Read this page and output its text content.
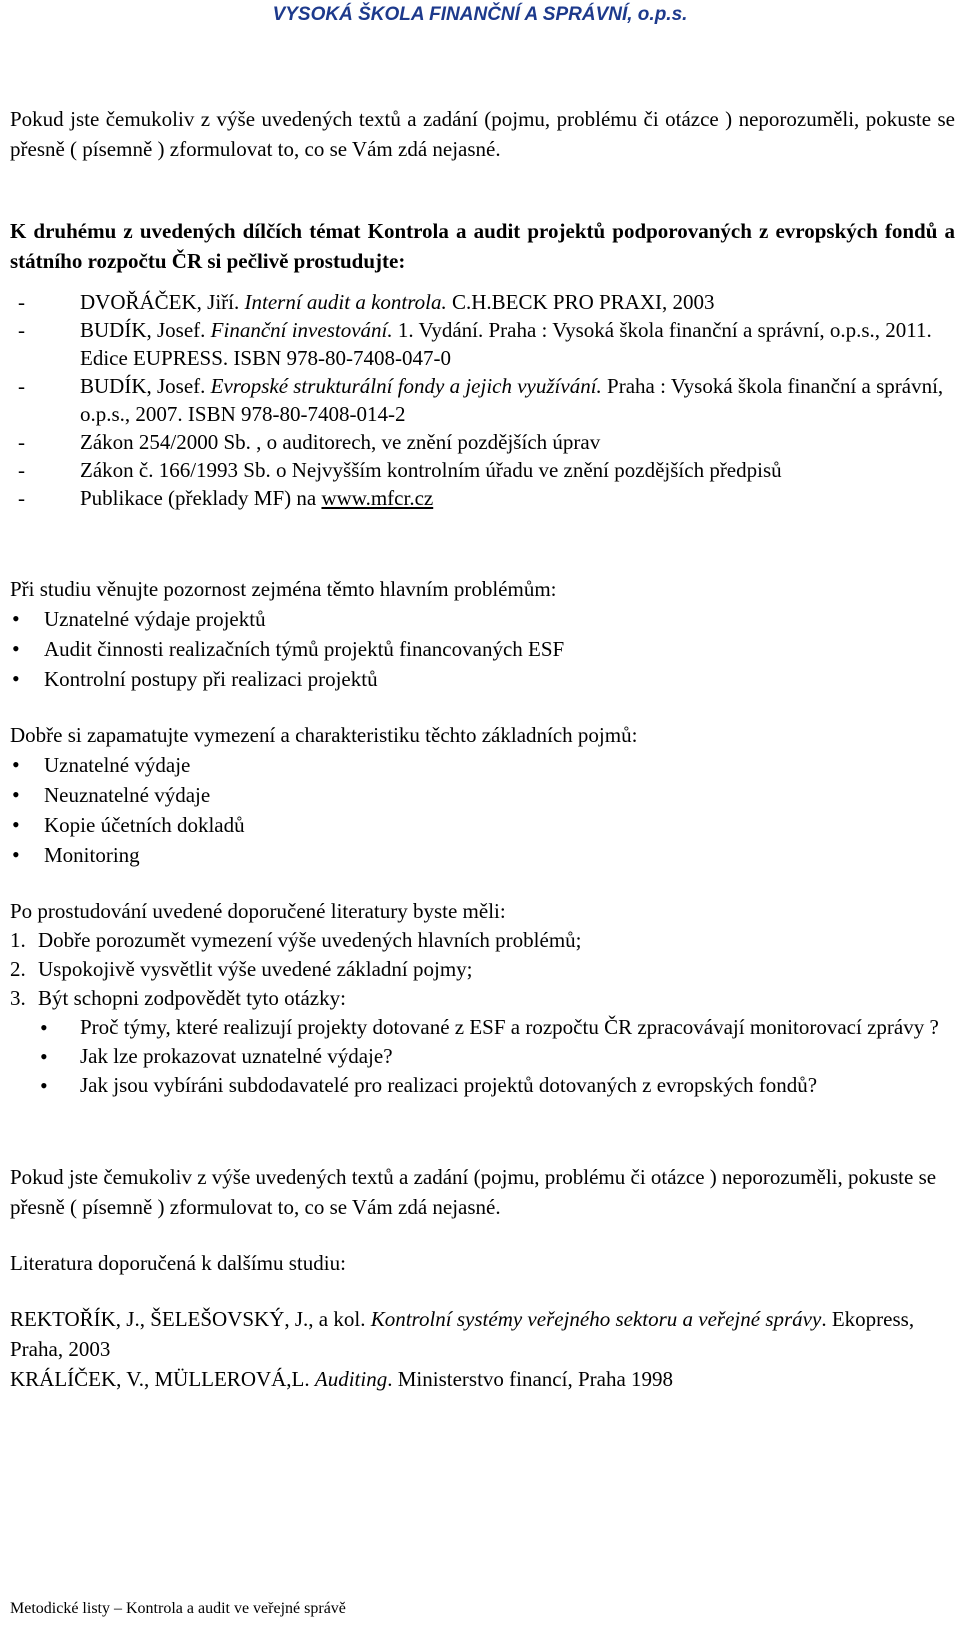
VYSOKÁ ŠKOLA FINANČNÍ A SPRÁVNÍ, o.p.s.

Pokud jste čemukoliv z výše uvedených textů a zadání (pojmu, problému či otázce ) neporozuměli, pokuste se přesně ( písemně ) zformulovat to, co se Vám zdá nejasné.

K druhému z uvedených dílčích témat Kontrola a audit projektů podporovaných z evropských fondů a státního rozpočtu ČR si pečlivě prostudujte:

- DVOŘÁČEK, Jiří. Interní audit a kontrola. C.H.BECK PRO PRAXI, 2003
- BUDÍK, Josef. Finanční investování. 1. Vydání. Praha : Vysoká škola finanční a správní, o.p.s., 2011. Edice EUPRESS. ISBN 978-80-7408-047-0
- BUDÍK, Josef. Evropské strukturální fondy a jejich využívání. Praha : Vysoká škola finanční a správní, o.p.s., 2007. ISBN 978-80-7408-014-2
- Zákon 254/2000 Sb. , o auditorech, ve znění pozdějších úprav
- Zákon č. 166/1993 Sb. o Nejvyšším kontrolním úřadu ve znění pozdějších předpisů
- Publikace (překlady MF) na www.mfcr.cz

Při studiu věnujte pozornost zejména těmto hlavním problémům:

• Uznatelné výdaje projektů
• Audit činnosti realizačních týmů projektů financovaných ESF
• Kontrolní postupy při realizaci projektů

Dobře si zapamatujte vymezení a charakteristiku těchto základních pojmů:

• Uznatelné výdaje
• Neuznatelné výdaje
• Kopie účetních dokladů
• Monitoring

Po prostudování uvedené doporučené literatury byste měli:

1. Dobře porozumět vymezení výše uvedených hlavních problémů;
2. Uspokojivě vysvětlit výše uvedené základní pojmy;
3. Být schopni zodpovědět tyto otázky:
• Proč týmy, které realizují projekty dotované z ESF a rozpočtu ČR zpracovávají monitorovací zprávy ?
• Jak lze prokazovat uznatelné výdaje?
• Jak jsou vybíráni subdodavatelé pro realizaci projektů dotovaných z evropských fondů?

Pokud jste čemukoliv z výše uvedených textů a zadání (pojmu, problému či otázce ) neporozuměli, pokuste se přesně ( písemně ) zformulovat to, co se Vám zdá nejasné.

Literatura doporučená k dalšímu studiu:

REKTOŘÍK, J., ŠELEŠOVSKÝ, J., a kol. Kontrolní systémy veřejného sektoru a veřejné správy. Ekopress, Praha, 2003

KRÁLÍČEK, V., MÜLLEROVÁ,L. Auditing. Ministerstvo financí, Praha 1998

Metodické listy – Kontrola a audit ve veřejné správě
